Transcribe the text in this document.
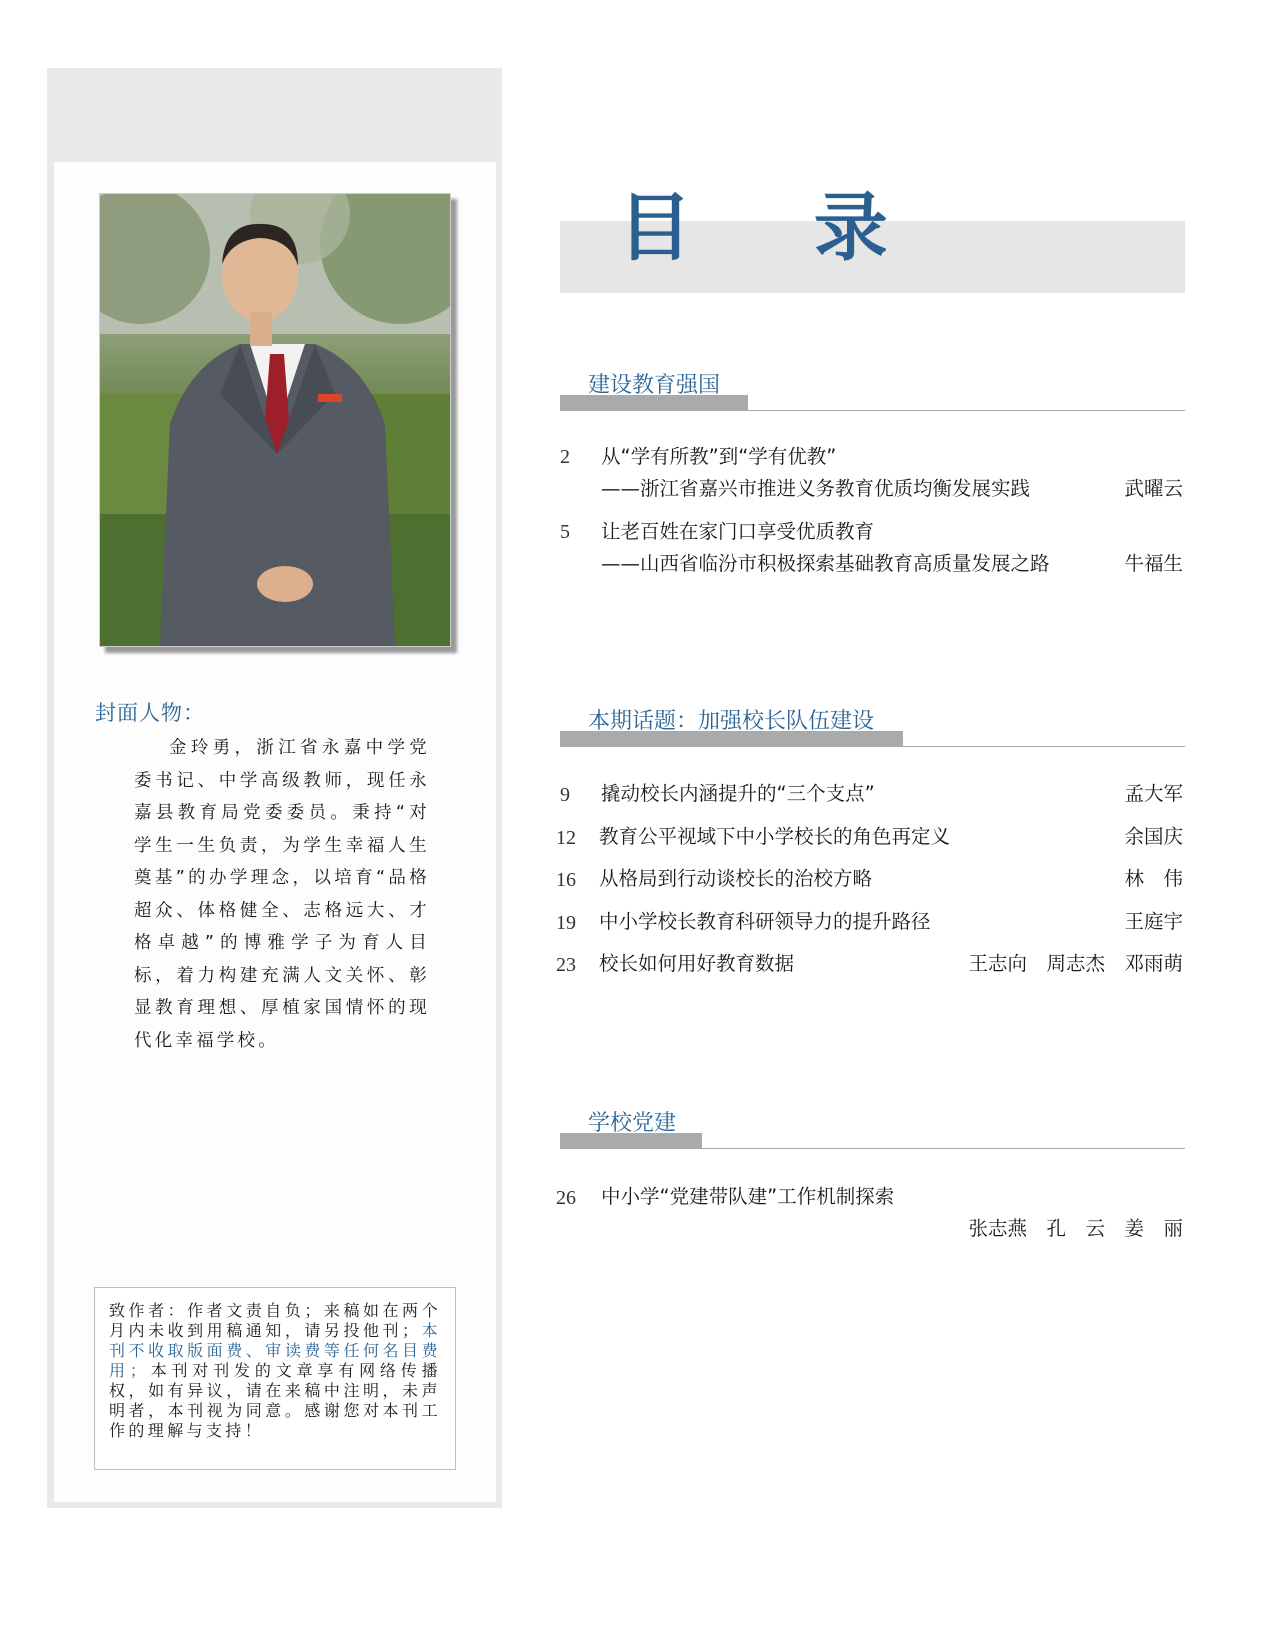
封面人物：
金玲勇，浙江省永嘉中学党委书记、中学高级教师，现任永嘉县教育局党委委员。秉持“对学生一生负责，为学生幸福人生奠基”的办学理念，以培育“品格超众、体格健全、志格远大、才格卓越”的博雅学子为育人目标，着力构建充满人文关怀、彰显教育理想、厚植家国情怀的现代化幸福学校。
致作者：作者文责自负；来稿如在两个月内未收到用稿通知，请另投他刊；本刊不收取版面费、审读费等任何名目费用；本刊对刊发的文章享有网络传播权，如有异议，请在来稿中注明，未声明者，本刊视为同意。感谢您对本刊工作的理解与支持！
目 录
建设教育强国
2 从“学有所教”到“学有优教”
——浙江省嘉兴市推进义务教育优质均衡发展实践	武曜云
5 让老百姓在家门口享受优质教育
——山西省临汾市积极探索基础教育高质量发展之路	牛福生
本期话题：加强校长队伍建设
9 撬动校长内涵提升的“三个支点”	孟大军
12 教育公平视域下中小学校长的角色再定义	余国庆
16 从格局到行动谈校长的治校方略	林　伟
19 中小学校长教育科研领导力的提升路径	王庭宇
23 校长如何用好教育数据	王志向　周志杰　邓雨萌
学校党建
26 中小学“党建带队建”工作机制探索
张志燕　孔　云　姜　丽
